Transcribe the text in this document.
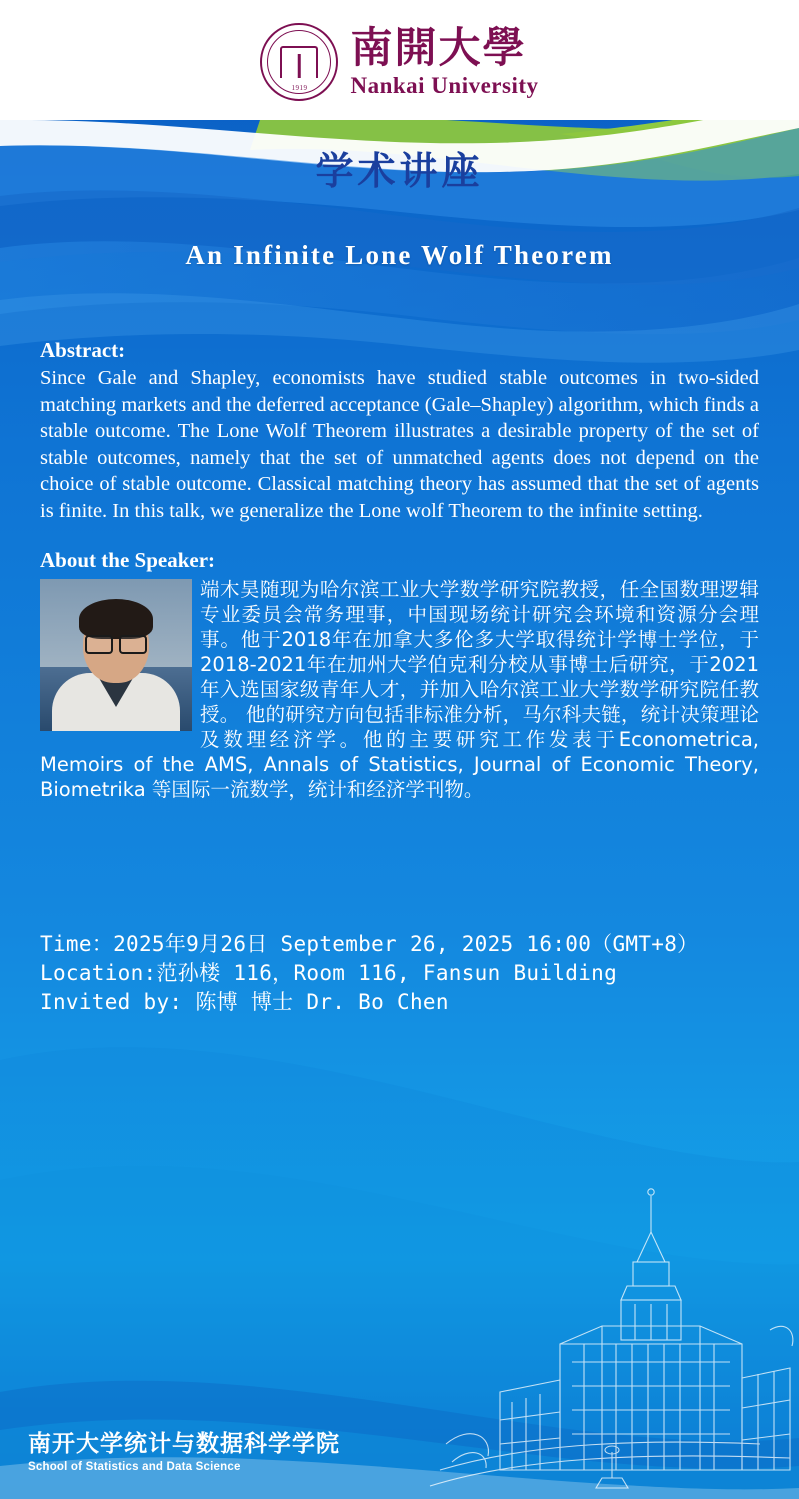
1919
南開大學
Nankai University
学术讲座
An Infinite Lone Wolf Theorem
Abstract:

Since Gale and Shapley, economists have studied stable outcomes in two-sided matching markets and the deferred acceptance (Gale–Shapley) algorithm, which finds a stable outcome. The Lone Wolf Theorem illustrates a desirable property of the set of stable outcomes, namely that the set of unmatched agents does not depend on the choice of stable outcome. Classical matching theory has assumed that the set of agents is finite. In this talk, we generalize the Lone wolf Theorem to the infinite setting.

About the Speaker:
端木昊随现为哈尔滨工业大学数学研究院教授，任全国数理逻辑专业委员会常务理事，中国现场统计研究会环境和资源分会理事。他于2018年在加拿大多伦多大学取得统计学博士学位，于2018-2021年在加州大学伯克利分校从事博士后研究，于2021年入选国家级青年人才，并加入哈尔滨工业大学数学研究院任教授。 他的研究方向包括非标准分析，马尔科夫链，统计决策理论及数理经济学。他的主要研究工作发表于Econometrica, Memoirs of the AMS, Annals of Statistics, Journal of Economic Theory, Biometrika 等国际一流数学，统计和经济学刊物。
Time：2025年9月26日 September 26, 2025 16:00（GMT+8）
Location:范孙楼 116，Room 116, Fansun Building
Invited by: 陈博 博士 Dr. Bo Chen
南开大学统计与数据科学学院
School of Statistics and Data Science
